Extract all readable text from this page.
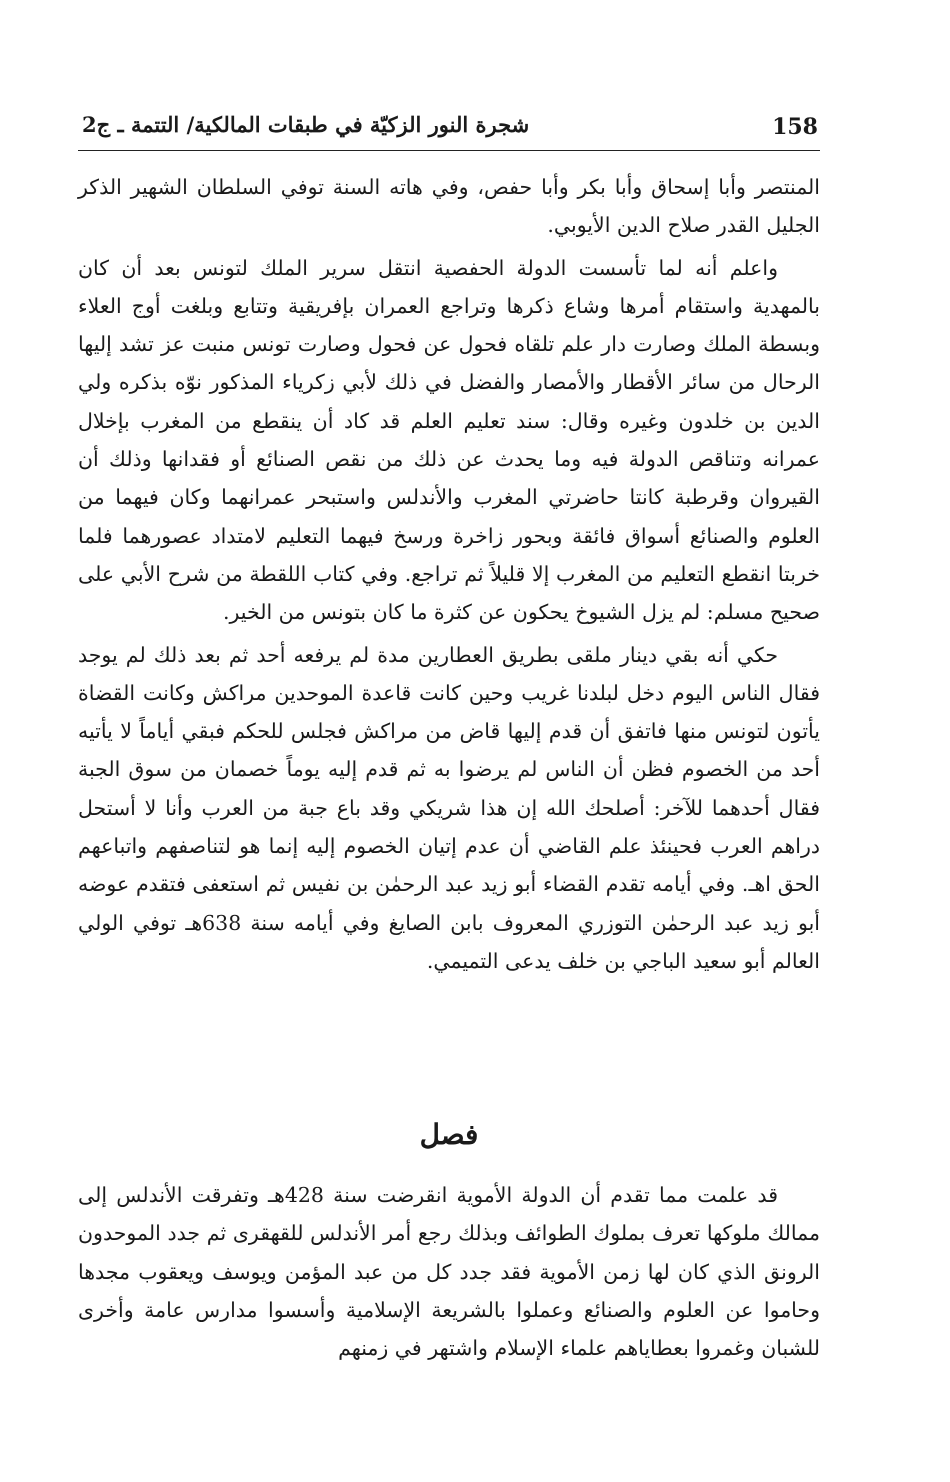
158
شجرة النور الزكيّة في طبقات المالكية/ التتمة ـ ج2

المنتصر وأبا إسحاق وأبا بكر وأبا حفص، وفي هاته السنة توفي السلطان الشهير الذكر الجليل القدر صلاح الدين الأيوبي.

واعلم أنه لما تأسست الدولة الحفصية انتقل سرير الملك لتونس بعد أن كان بالمهدية واستقام أمرها وشاع ذكرها وتراجع العمران بإفريقية وتتابع وبلغت أوج العلاء وبسطة الملك وصارت دار علم تلقاه فحول عن فحول وصارت تونس منبت عز تشد إليها الرحال من سائر الأقطار والأمصار والفضل في ذلك لأبي زكرياء المذكور نوّه بذكره ولي الدين بن خلدون وغيره وقال: سند تعليم العلم قد كاد أن ينقطع من المغرب بإخلال عمرانه وتناقص الدولة فيه وما يحدث عن ذلك من نقص الصنائع أو فقدانها وذلك أن القيروان وقرطبة كانتا حاضرتي المغرب والأندلس واستبحر عمرانهما وكان فيهما من العلوم والصنائع أسواق فائقة وبحور زاخرة ورسخ فيهما التعليم لامتداد عصورهما فلما خربتا انقطع التعليم من المغرب إلا قليلاً ثم تراجع. وفي كتاب اللقطة من شرح الأبي على صحيح مسلم: لم يزل الشيوخ يحكون عن كثرة ما كان بتونس من الخير.

حكي أنه بقي دينار ملقى بطريق العطارين مدة لم يرفعه أحد ثم بعد ذلك لم يوجد فقال الناس اليوم دخل لبلدنا غريب وحين كانت قاعدة الموحدين مراكش وكانت القضاة يأتون لتونس منها فاتفق أن قدم إليها قاض من مراكش فجلس للحكم فبقي أياماً لا يأتيه أحد من الخصوم فظن أن الناس لم يرضوا به ثم قدم إليه يوماً خصمان من سوق الجبة فقال أحدهما للآخر: أصلحك الله إن هذا شريكي وقد باع جبة من العرب وأنا لا أستحل دراهم العرب فحينئذ علم القاضي أن عدم إتيان الخصوم إليه إنما هو لتناصفهم واتباعهم الحق اهـ. وفي أيامه تقدم القضاء أبو زيد عبد الرحمٰن بن نفيس ثم استعفى فتقدم عوضه أبو زيد عبد الرحمٰن التوزري المعروف بابن الصايغ وفي أيامه سنة 638هـ توفي الولي العالم أبو سعيد الباجي بن خلف يدعى التميمي.

فصل

قد علمت مما تقدم أن الدولة الأموية انقرضت سنة 428هـ وتفرقت الأندلس إلى ممالك ملوكها تعرف بملوك الطوائف وبذلك رجع أمر الأندلس للقهقرى ثم جدد الموحدون الرونق الذي كان لها زمن الأموية فقد جدد كل من عبد المؤمن ويوسف ويعقوب مجدها وحاموا عن العلوم والصنائع وعملوا بالشريعة الإسلامية وأسسوا مدارس عامة وأخرى للشبان وغمروا بعطاياهم علماء الإسلام واشتهر في زمنهم
